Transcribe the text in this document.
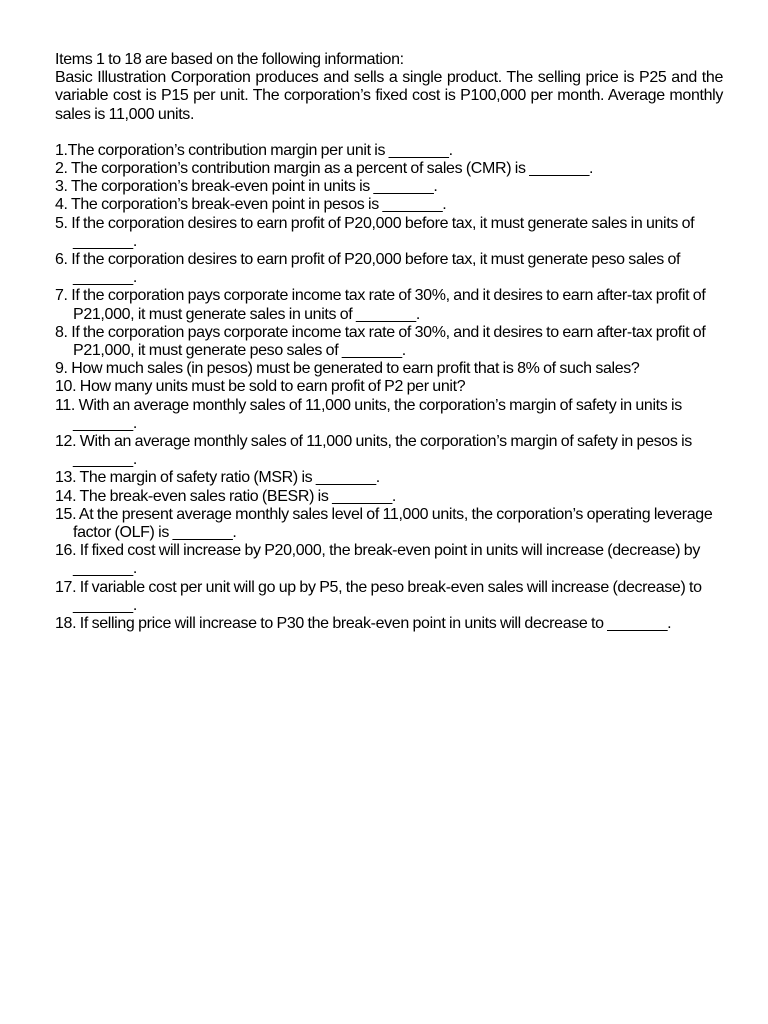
Items 1 to 18 are based on the following information:

Basic Illustration Corporation produces and sells a single product. The selling price is P25 and the variable cost is P15 per unit. The corporation’s fixed cost is P100,000 per month. Average monthly sales is 11,000 units.

1.The corporation’s contribution margin per unit is _______.
2. The corporation’s contribution margin as a percent of sales (CMR) is _______.
3. The corporation’s break-even point in units is _______.
4. The corporation’s break-even point in pesos is _______.
5. If the corporation desires to earn profit of P20,000 before tax, it must generate sales in units of _______.
6. If the corporation desires to earn profit of P20,000 before tax, it must generate peso sales of _______.
7. If the corporation pays corporate income tax rate of 30%, and it desires to earn after-tax profit of P21,000, it must generate sales in units of _______.
8. If the corporation pays corporate income tax rate of 30%, and it desires to earn after-tax profit of P21,000, it must generate peso sales of _______.
9. How much sales (in pesos) must be generated to earn profit that is 8% of such sales?
10. How many units must be sold to earn profit of P2 per unit?
11. With an average monthly sales of 11,000 units, the corporation’s margin of safety in units is _______.
12. With an average monthly sales of 11,000 units, the corporation’s margin of safety in pesos is _______.
13. The margin of safety ratio (MSR) is _______.
14. The break-even sales ratio (BESR) is _______.
15. At the present average monthly sales level of 11,000 units, the corporation’s operating leverage factor (OLF) is _______.
16. If fixed cost will increase by P20,000, the break-even point in units will increase (decrease) by _______.
17. If variable cost per unit will go up by P5, the peso break-even sales will increase (decrease) to _______.
18. If selling price will increase to P30 the break-even point in units will decrease to _______.
